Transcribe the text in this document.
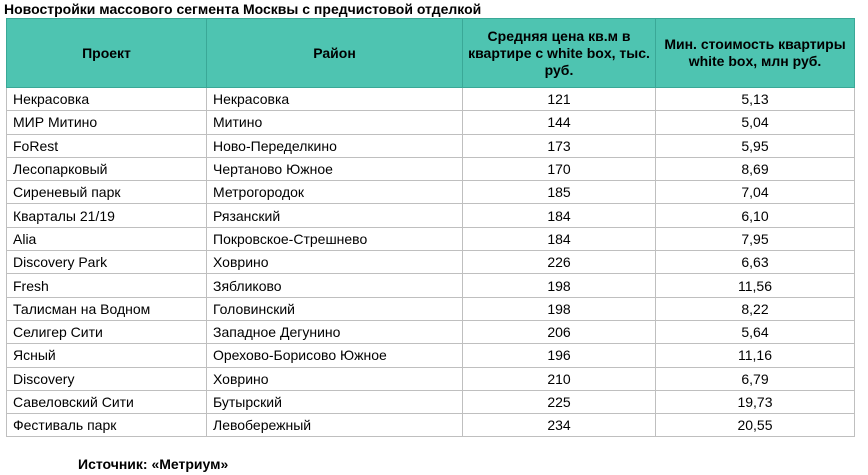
Новостройки массового сегмента Москвы с предчистовой отделкой
Проект	Район	Средняя цена кв.м в квартире с white box, тыс. руб.	Мин. стоимость квартиры white box, млн руб.
Некрасовка	Некрасовка	121	5,13
МИР Митино	Митино	144	5,04
FoRest	Ново-Переделкино	173	5,95
Лесопарковый	Чертаново Южное	170	8,69
Сиреневый парк	Метрогородок	185	7,04
Кварталы 21/19	Рязанский	184	6,10
Alia	Покровское-Стрешнево	184	7,95
Discovery Park	Ховрино	226	6,63
Fresh	Зябликово	198	11,56
Талисман на Водном	Головинский	198	8,22
Селигер Сити	Западное Дегунино	206	5,64
Ясный	Орехово-Борисово Южное	196	11,16
Discovery	Ховрино	210	6,79
Савеловский Сити	Бутырский	225	19,73
Фестиваль парк	Левобережный	234	20,55
Источник: «Метриум»
